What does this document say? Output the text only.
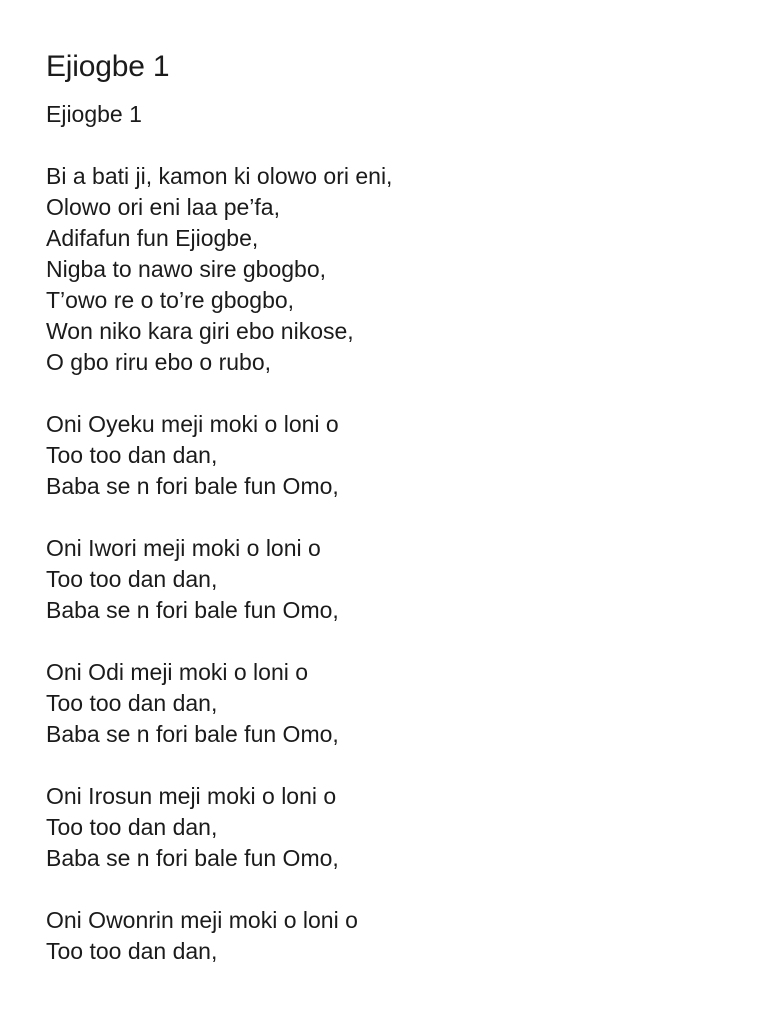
Ejiogbe 1
Ejiogbe 1
Bi a bati ji, kamon ki olowo ori eni,
Olowo ori eni laa pe’fa,
Adifafun fun Ejiogbe,
Nigba to nawo sire gbogbo,
T’owo re o to’re gbogbo,
Won niko kara giri ebo nikose,
O gbo riru ebo o rubo,
Oni Oyeku meji moki o loni o
Too too dan dan,
Baba se n fori bale fun Omo,
Oni Iwori meji moki o loni o
Too too dan dan,
Baba se n fori bale fun Omo,
Oni Odi meji moki o loni o
Too too dan dan,
Baba se n fori bale fun Omo,
Oni Irosun meji moki o loni o
Too too dan dan,
Baba se n fori bale fun Omo,
Oni Owonrin meji moki o loni o
Too too dan dan,
